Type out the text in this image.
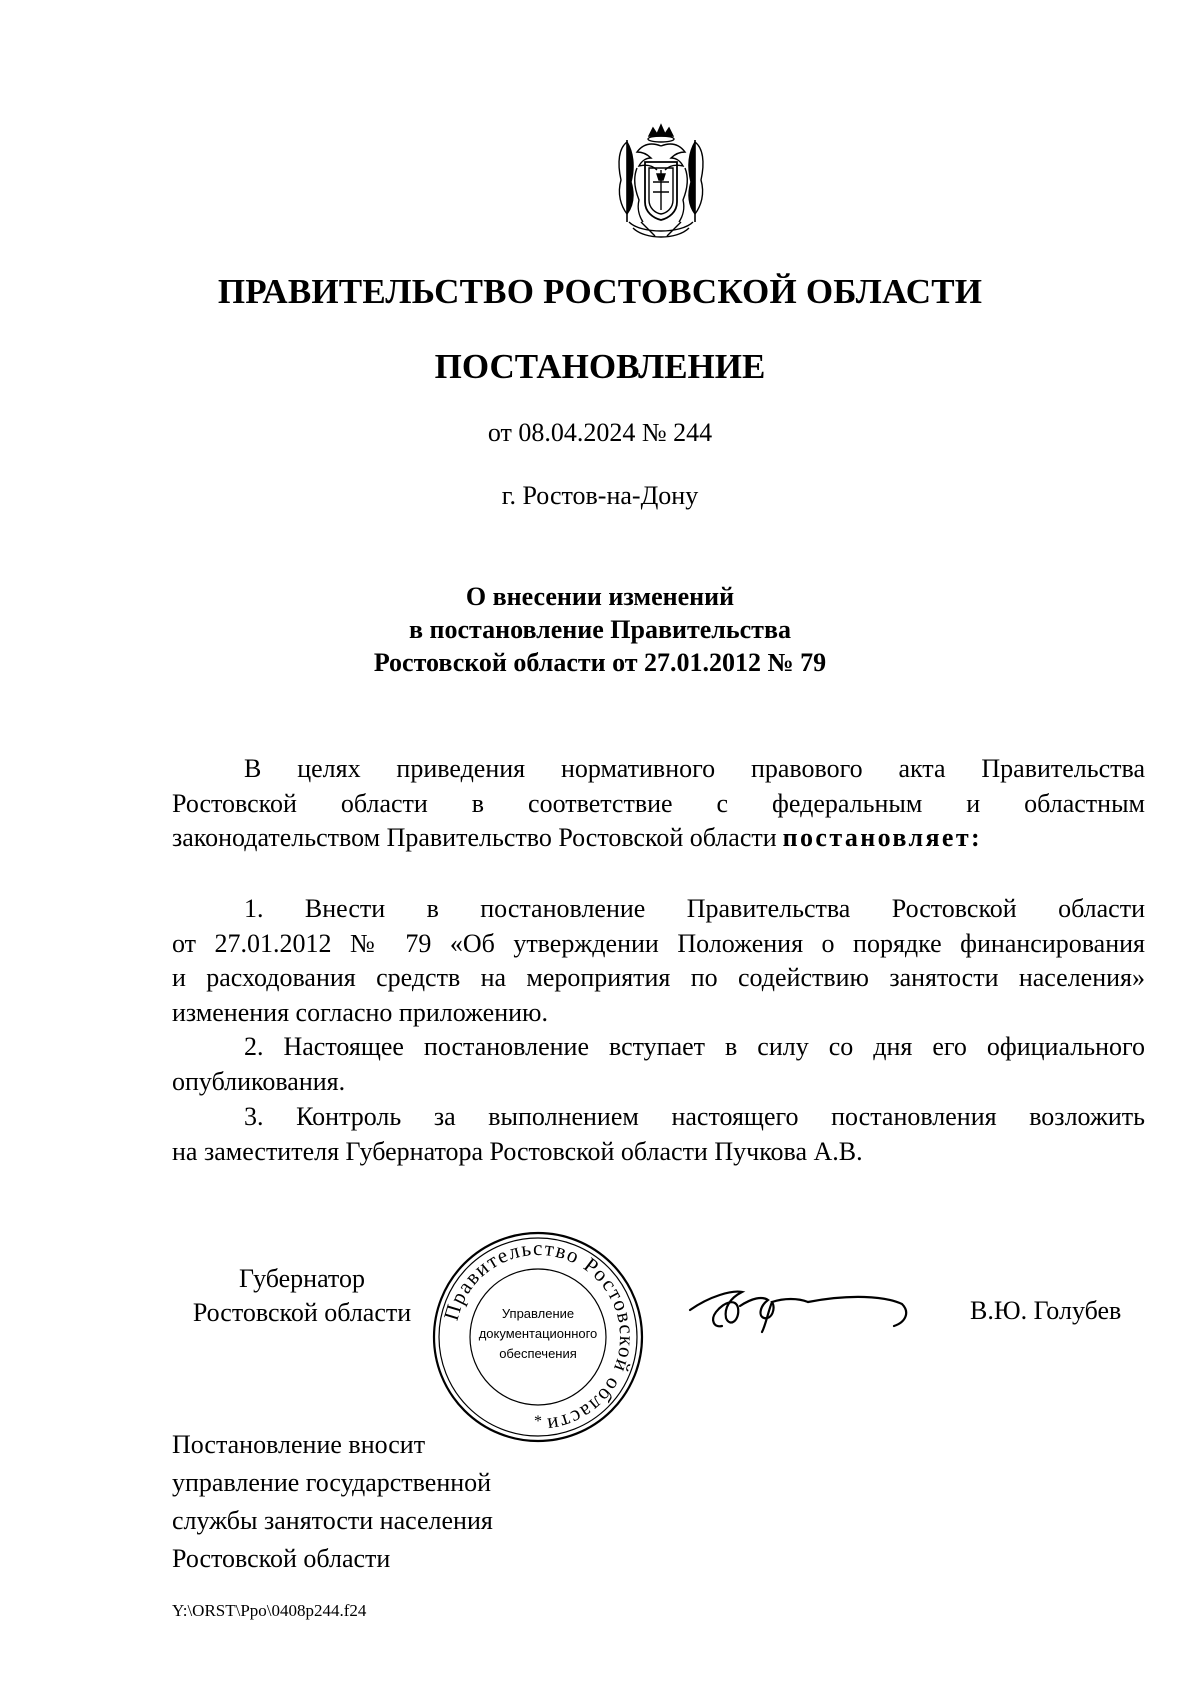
ПРАВИТЕЛЬСТВО РОСТОВСКОЙ ОБЛАСТИ
ПОСТАНОВЛЕНИЕ
от 08.04.2024 № 244
г. Ростов-на-Дону
О внесении изменений
в постановление Правительства
Ростовской области от 27.01.2012 № 79
В целях приведения нормативного правового акта Правительства
Ростовской области в соответствие с федеральным и областным
законодательством Правительство Ростовской области постановляет:
1. Внести в постановление Правительства Ростовской области
от 27.01.2012 № 79 «Об утверждении Положения о порядке финансирования
и расходования средств на мероприятия по содействию занятости населения»
изменения согласно приложению.
2. Настоящее постановление вступает в силу со дня его официального
опубликования.
3. Контроль за выполнением настоящего постановления возложить
на заместителя Губернатора Ростовской области Пучкова А.В.
Губернатор
Ростовской области	Правительство Ростовской области
Управление
документационного
обеспечения
*
В.Ю. Голубев
Постановление вносит
управление государственной
службы занятости населения
Ростовской области
Y:\ORST\Ppo\0408p244.f24
